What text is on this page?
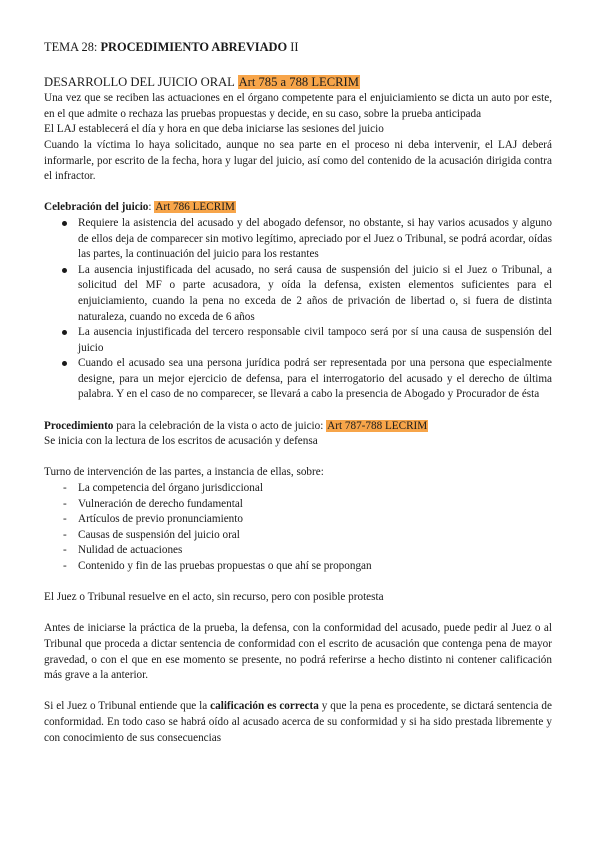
TEMA 28: PROCEDIMIENTO ABREVIADO II

DESARROLLO DEL JUICIO ORAL Art 785 a 788 LECRIM

Una vez que se reciben las actuaciones en el órgano competente para el enjuiciamiento se dicta un auto por este, en el que admite o rechaza las pruebas propuestas y decide, en su caso, sobre la prueba anticipada

El LAJ establecerá el día y hora en que deba iniciarse las sesiones del juicio

Cuando la víctima lo haya solicitado, aunque no sea parte en el proceso ni deba intervenir, el LAJ deberá informarle, por escrito de la fecha, hora y lugar del juicio, así como del contenido de la acusación dirigida contra el infractor.

Celebración del juicio: Art 786 LECRIM

Requiere la asistencia del acusado y del abogado defensor, no obstante, si hay varios acusados y alguno de ellos deja de comparecer sin motivo legítimo, apreciado por el Juez o Tribunal, se podrá acordar, oídas las partes, la continuación del juicio para los restantes
La ausencia injustificada del acusado, no será causa de suspensión del juicio si el Juez o Tribunal, a solicitud del MF o parte acusadora, y oída la defensa, existen elementos suficientes para el enjuiciamiento, cuando la pena no exceda de 2 años de privación de libertad o, si fuera de distinta naturaleza, cuando no exceda de 6 años
La ausencia injustificada del tercero responsable civil tampoco será por sí una causa de suspensión del juicio
Cuando el acusado sea una persona jurídica podrá ser representada por una persona que especialmente designe, para un mejor ejercicio de defensa, para el interrogatorio del acusado y el derecho de última palabra. Y en el caso de no comparecer, se llevará a cabo la presencia de Abogado y Procurador de ésta

Procedimiento para la celebración de la vista o acto de juicio: Art 787-788 LECRIM

Se inicia con la lectura de los escritos de acusación y defensa

Turno de intervención de las partes, a instancia de ellas, sobre:

- La competencia del órgano jurisdiccional
- Vulneración de derecho fundamental
- Artículos de previo pronunciamiento
- Causas de suspensión del juicio oral
- Nulidad de actuaciones
- Contenido y fin de las pruebas propuestas o que ahí se propongan

El Juez o Tribunal resuelve en el acto, sin recurso, pero con posible protesta

Antes de iniciarse la práctica de la prueba, la defensa, con la conformidad del acusado, puede pedir al Juez o al Tribunal que proceda a dictar sentencia de conformidad con el escrito de acusación que contenga pena de mayor gravedad, o con el que en ese momento se presente, no podrá referirse a hecho distinto ni contener calificación más grave a la anterior.

Si el Juez o Tribunal entiende que la calificación es correcta y que la pena es procedente, se dictará sentencia de conformidad. En todo caso se habrá oído al acusado acerca de su conformidad y si ha sido prestada libremente y con conocimiento de sus consecuencias
